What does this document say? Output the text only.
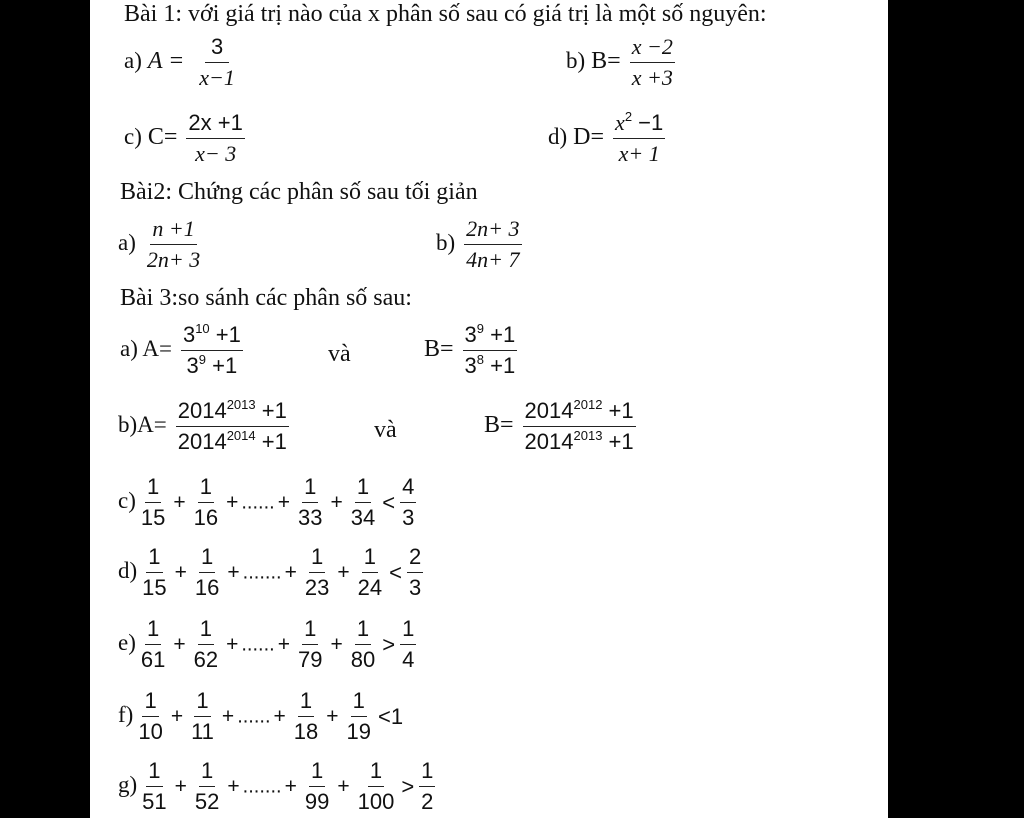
Bài 1: với giá trị nào của x phân số sau có giá trị là một số nguyên:
a) $A = \frac{3}{x-1}$	b) $B= \frac{x -2}{x +3}$
c) $C= \frac{2x +1}{x- 3}$	d) $D= \frac{x^2 -1}{x+ 1}$
Bài2: Chứng các phân số sau tối giản
$a) \frac{n +1}{2n+ 3}$	$b) \frac{2n+ 3}{4n+ 7}$
Bài 3:so sánh các phân số sau:
a) $A= \frac{3^{10} +1}{3^9 +1}$	và	$B= \frac{3^9 +1}{3^8 +1}$
$b)A= \frac{2014^{2013} +1}{2014^{2014} +1}$	và	$B= \frac{2014^{2012} +1}{2014^{2013} +1}$
$c) \frac{1}{15} + \frac{1}{16}$ + ...... + $\frac{1}{33} + \frac{1}{34} < \frac{4}{3}$
$d) \frac{1}{15} + \frac{1}{16}$ + ....... + $\frac{1}{23} + \frac{1}{24} < \frac{2}{3}$
$e) \frac{1}{61} + \frac{1}{62}$ + ...... + $\frac{1}{79} + \frac{1}{80} > \frac{1}{4}$
$f) \frac{1}{10} + \frac{1}{11}$ + ...... + $\frac{1}{18} + \frac{1}{19} <1$
$g) \frac{1}{51} + \frac{1}{52}$ + ....... + $\frac{1}{99} + \frac{1}{100} > \frac{1}{2}$
